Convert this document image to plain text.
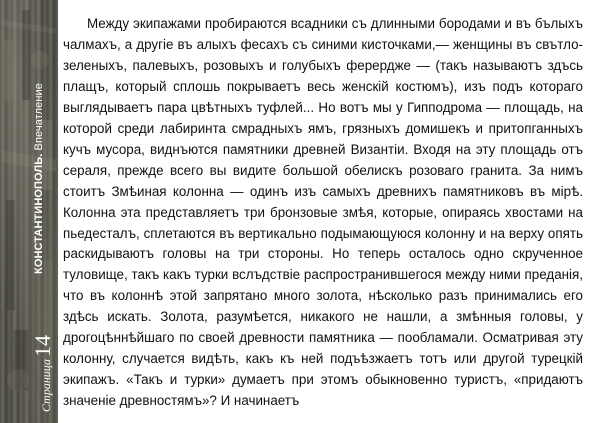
КОНСТАНТИНОПОЛЬ. Впечатление
Страница14
Между экипажами пробираются всадники съ длинными бородами и въ бълыхъ чалмахъ, а другіе въ алыхъ фесахъ съ синими кисточками,— женщины въ свътло-зеленыхъ, палевыхъ, розовыхъ и голубыхъ ферердже — (такъ называютъ здъсь плащъ, который сплошь покрываетъ весь женскій костюмъ), изъ подъ котораго выглядываетъ пара цвѣтныхъ туфлей... Но вотъ мы у Гипподрома — площадь, на которой среди лабиринта смрадныхъ ямъ, грязныхъ домишекъ и притопганныхъ кучъ мусора, виднъются памятники древней Византіи. Входя на эту площадь отъ сераля, прежде всего вы видите большой обелискъ розоваго гранита. За нимъ стоитъ Змѣиная колонна — одинъ изъ самыхъ древнихъ памятниковъ въ мірѣ. Колонна эта представляетъ три бронзовые змѣя, которые, опираясь хвостами на пьедесталъ, сплетаются въ вертикально подымающуюся колонну и на верху опять раскидываютъ головы на три стороны. Но теперь осталось одно скрученное туловище, такъ какъ турки вслъдствіе распространившегося между ними преданія, что въ колоннѣ этой запрятано много золота, нѣсколько разъ принимались его здѣсь искать. Золота, разумѣется, никакого не нашли, а змѣнныя головы, у дрогоцѣннѣйшаго по своей древности памятника — пообламали. Осматривая эту колонну, случается видѣть, какъ къ ней подъѣзжаетъ тотъ или другой турецкій экипажъ. «Такъ и турки» думаетъ при этомъ обыкновенно туристъ, «придаютъ значеніе древностямъ»? И начинаетъ
